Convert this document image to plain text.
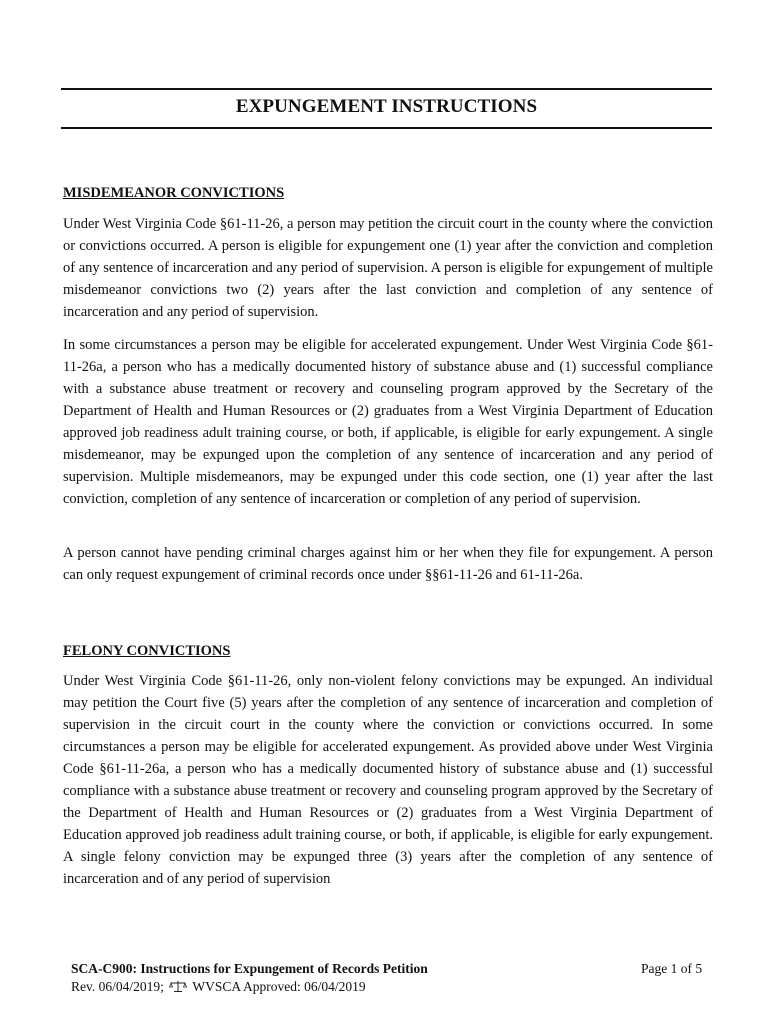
EXPUNGEMENT INSTRUCTIONS
MISDEMEANOR CONVICTIONS
Under West Virginia Code §61-11-26, a person may petition the circuit court in the county where the conviction or convictions occurred. A person is eligible for expungement one (1) year after the conviction and completion of any sentence of incarceration and any period of supervision. A person is eligible for expungement of multiple misdemeanor convictions two (2) years after the last conviction and completion of any sentence of incarceration and any period of supervision.
In some circumstances a person may be eligible for accelerated expungement. Under West Virginia Code §61-11-26a, a person who has a medically documented history of substance abuse and (1) successful compliance with a substance abuse treatment or recovery and counseling program approved by the Secretary of the Department of Health and Human Resources or (2) graduates from a West Virginia Department of Education approved job readiness adult training course, or both, if applicable, is eligible for early expungement. A single misdemeanor, may be expunged upon the completion of any sentence of incarceration and any period of supervision. Multiple misdemeanors, may be expunged under this code section, one (1) year after the last conviction, completion of any sentence of incarceration or completion of any period of supervision.
A person cannot have pending criminal charges against him or her when they file for expungement. A person can only request expungement of criminal records once under §§61-11-26 and 61-11-26a.
FELONY CONVICTIONS
Under West Virginia Code §61-11-26, only non-violent felony convictions may be expunged. An individual may petition the Court five (5) years after the completion of any sentence of incarceration and completion of supervision in the circuit court in the county where the conviction or convictions occurred. In some circumstances a person may be eligible for accelerated expungement. As provided above under West Virginia Code §61-11-26a, a person who has a medically documented history of substance abuse and (1) successful compliance with a substance abuse treatment or recovery and counseling program approved by the Secretary of the Department of Health and Human Resources or (2) graduates from a West Virginia Department of Education approved job readiness adult training course, or both, if applicable, is eligible for early expungement. A single felony conviction may be expunged three (3) years after the completion of any sentence of incarceration and of any period of supervision
SCA-C900: Instructions for Expungement of Records Petition	Page 1 of 5
Rev. 06/04/2019; WVSCA Approved: 06/04/2019
